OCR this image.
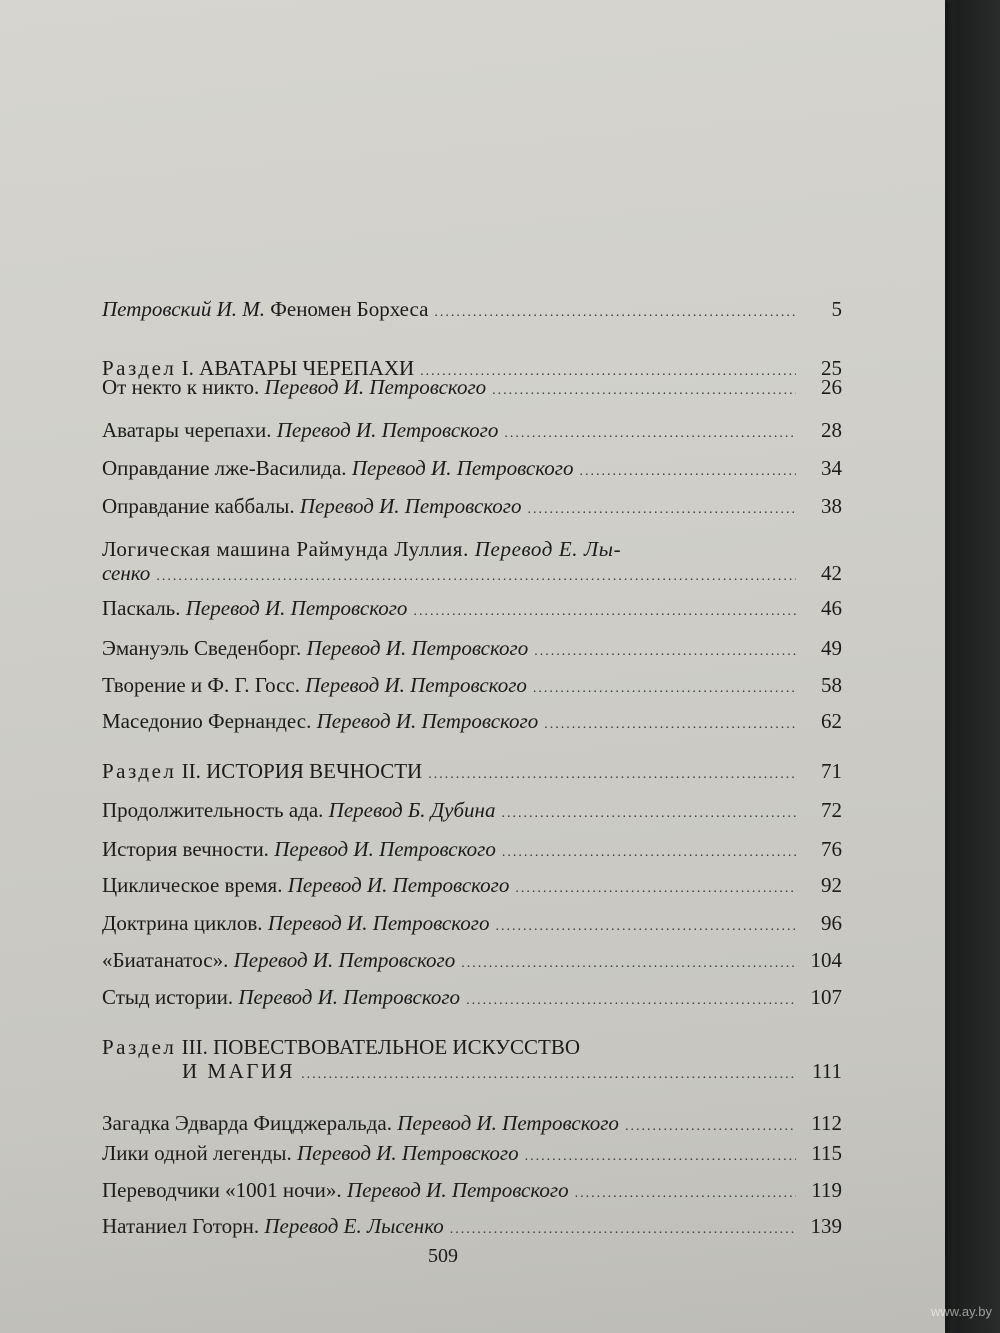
Петровский И. М. Феномен Борхеса .....	5
Раздел I. АВАТАРЫ ЧЕРЕПАХИ .....	25
От некто к никто. Перевод И. Петровского .....	26
Аватары черепахи. Перевод И. Петровского .....	28
Оправдание лже-Василида. Перевод И. Петровского .....	34
Оправдание каббалы. Перевод И. Петровского .....	38
Логическая машина Раймунда Луллия. Перевод Е. Лы-
сенко .....	42
Паскаль. Перевод И. Петровского .....	46
Эмануэль Сведенборг. Перевод И. Петровского .....	49
Творение и Ф. Г. Госс. Перевод И. Петровского .....	58
Маседонио Фернандес. Перевод И. Петровского .....	62
Раздел II. ИСТОРИЯ ВЕЧНОСТИ .....	71
Продолжительность ада. Перевод Б. Дубина .....	72
История вечности. Перевод И. Петровского .....	76
Циклическое время. Перевод И. Петровского .....	92
Доктрина циклов. Перевод И. Петровского .....	96
«Биатанатос». Перевод И. Петровского .....	104
Стыд истории. Перевод И. Петровского .....	107
Раздел III. ПОВЕСТВОВАТЕЛЬНОЕ ИСКУССТВО
И МАГИЯ .....	111
Загадка Эдварда Фицджеральда. Перевод И. Петровского .....	112
Лики одной легенды. Перевод И. Петровского .....	115
Переводчики «1001 ночи». Перевод И. Петровского .....	119
Натаниел Готорн. Перевод Е. Лысенко .....	139
509
www.ay.by
